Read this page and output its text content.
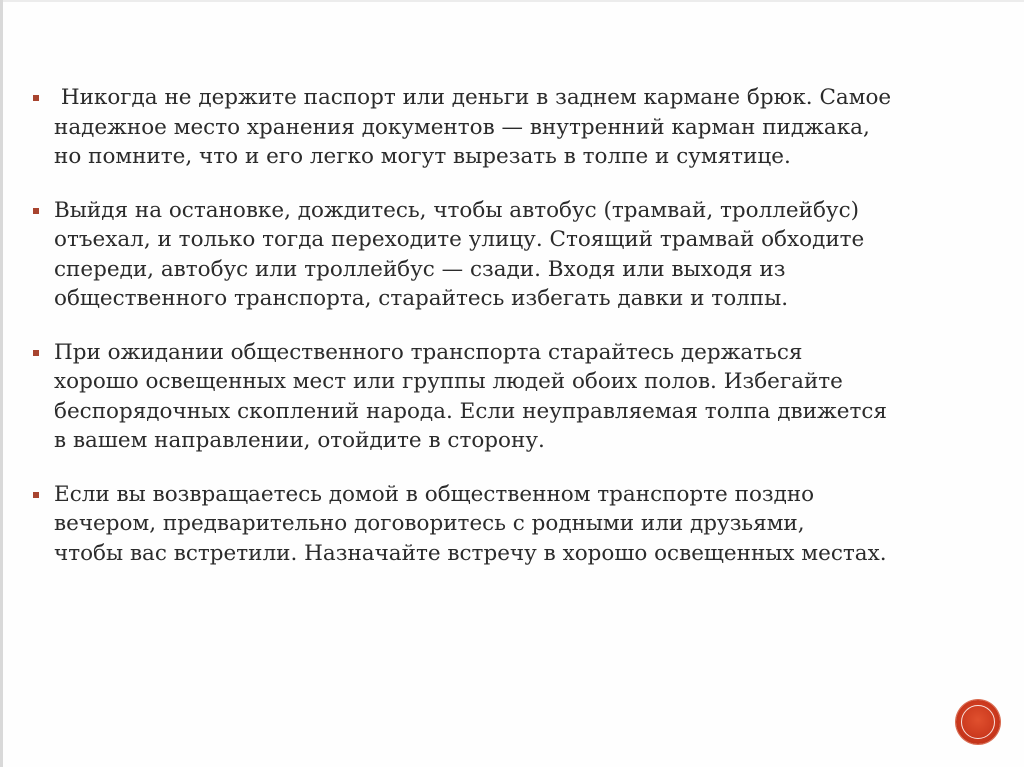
Никогда не держите паспорт или деньги в заднем кармане брюк. Самое
надежное место хранения документов — внутренний карман пиджака,
но помните, что и его легко могут вырезать в толпе и сумятице.
Выйдя на остановке, дождитесь, чтобы автобус (трамвай, троллейбус)
отъехал, и только тогда переходите улицу. Стоящий трамвай обходите
спереди, автобус или троллейбус — сзади. Входя или выходя из
общественного транспорта, старайтесь избегать давки и толпы.
При ожидании общественного транспорта старайтесь держаться
хорошо освещенных мест или группы людей обоих полов. Избегайте
беспорядочных скоплений народа. Если неуправляемая толпа движется
в вашем направлении, отойдите в сторону.
Если вы возвращаетесь домой в общественном транспорте поздно
вечером, предварительно договоритесь с родными или друзьями,
чтобы вас встретили. Назначайте встречу в хорошо освещенных местах.
